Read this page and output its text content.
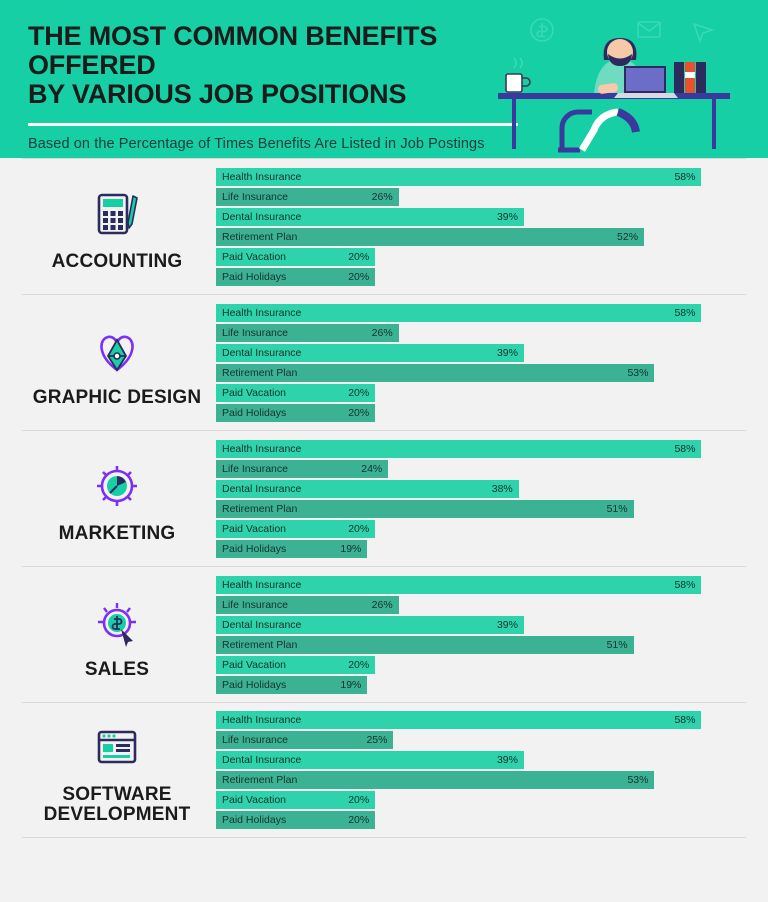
THE MOST COMMON BENEFITS OFFERED
BY VARIOUS JOB POSITIONS
Based on the Percentage of Times Benefits Are Listed in Job Postings
ACCOUNTING
Health Insurance	58%
Life Insurance	26%
Dental Insurance	39%
Retirement Plan	52%
Paid Vacation	20%
Paid Holidays	20%
GRAPHIC DESIGN
Health Insurance	58%
Life Insurance	26%
Dental Insurance	39%
Retirement Plan	53%
Paid Vacation	20%
Paid Holidays	20%
MARKETING
Health Insurance	58%
Life Insurance	24%
Dental Insurance	38%
Retirement Plan	51%
Paid Vacation	20%
Paid Holidays	19%
SALES
Health Insurance	58%
Life Insurance	26%
Dental Insurance	39%
Retirement Plan	51%
Paid Vacation	20%
Paid Holidays	19%
SOFTWARE DEVELOPMENT
Health Insurance	58%
Life Insurance	25%
Dental Insurance	39%
Retirement Plan	53%
Paid Vacation	20%
Paid Holidays	20%
